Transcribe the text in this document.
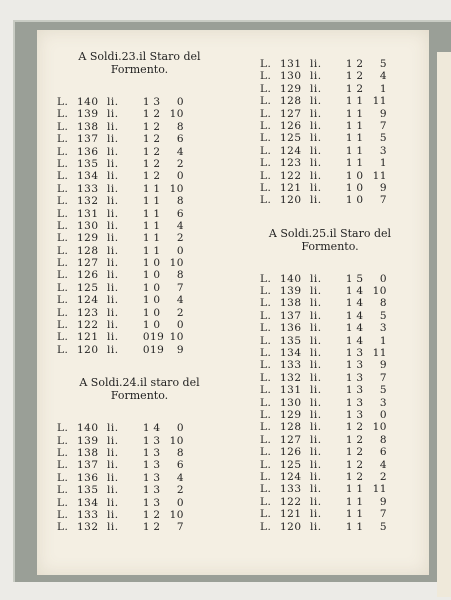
A Soldi.23.il Staro del
Formento.
L. 140 li.	1 3	0
L. 139 li.	1 2 10
L. 138 li.	1 2	8
L. 137 li.	1 2	6
L. 136 li.	1 2	4
L. 135 li.	1 2	2
L. 134 li.	1 2	0
L. 133 li.	1 1 10
L. 132 li.	1 1	8
L. 131 li.	1 1	6
L. 130 li.	1 1	4
L. 129 li.	1 1	2
L. 128 li.	1 1	0
L. 127 li.	1 0 10
L. 126 li.	1 0	8
L. 125 li.	1 0	7
L. 124 li.	1 0	4
L. 123 li.	1 0	2
L. 122 li.	1 0	0
L. 121 li.	0 19 10
L. 120 li.	0 19	9
A Soldi.24.il staro del
Formento.
L. 140 li.	1 4	0
L. 139 li.	1 3 10
L. 138 li.	1 3	8
L. 137 li.	1 3	6
L. 136 li.	1 3	4
L. 135 li.	1 3	2
L. 134 li.	1 3	0
L. 133 li.	1 2 10
L. 132 li.	1 2	7
L. 131 li.	1 2	5
L. 130 li.	1 2	4
L. 129 li.	1 2	1
L. 128 li.	1 1 11
L. 127 li.	1 1	9
L. 126 li.	1 1	7
L. 125 li.	1 1	5
L. 124 li.	1 1	3
L. 123 li.	1 1	1
L. 122 li.	1 0 11
L. 121 li.	1 0	9
L. 120 li.	1 0	7
A Soldi.25.il Staro del
Formento.
L. 140 li.	1 5	0
L. 139 li.	1 4 10
L. 138 li.	1 4	8
L. 137 li.	1 4	5
L. 136 li.	1 4	3
L. 135 li.	1 4	1
L. 134 li.	1 3 11
L. 133 li.	1 3	9
L. 132 li.	1 3	7
L. 131 li.	1 3	5
L. 130 li.	1 3	3
L. 129 li.	1 3	0
L. 128 li.	1 2 10
L. 127 li.	1 2	8
L. 126 li.	1 2	6
L. 125 li.	1 2	4
L. 124 li.	1 2	2
L. 133 li.	1 1 11
L. 122 li.	1 1	9
L. 121 li.	1 1	7
L. 120 li.	1 1	5
